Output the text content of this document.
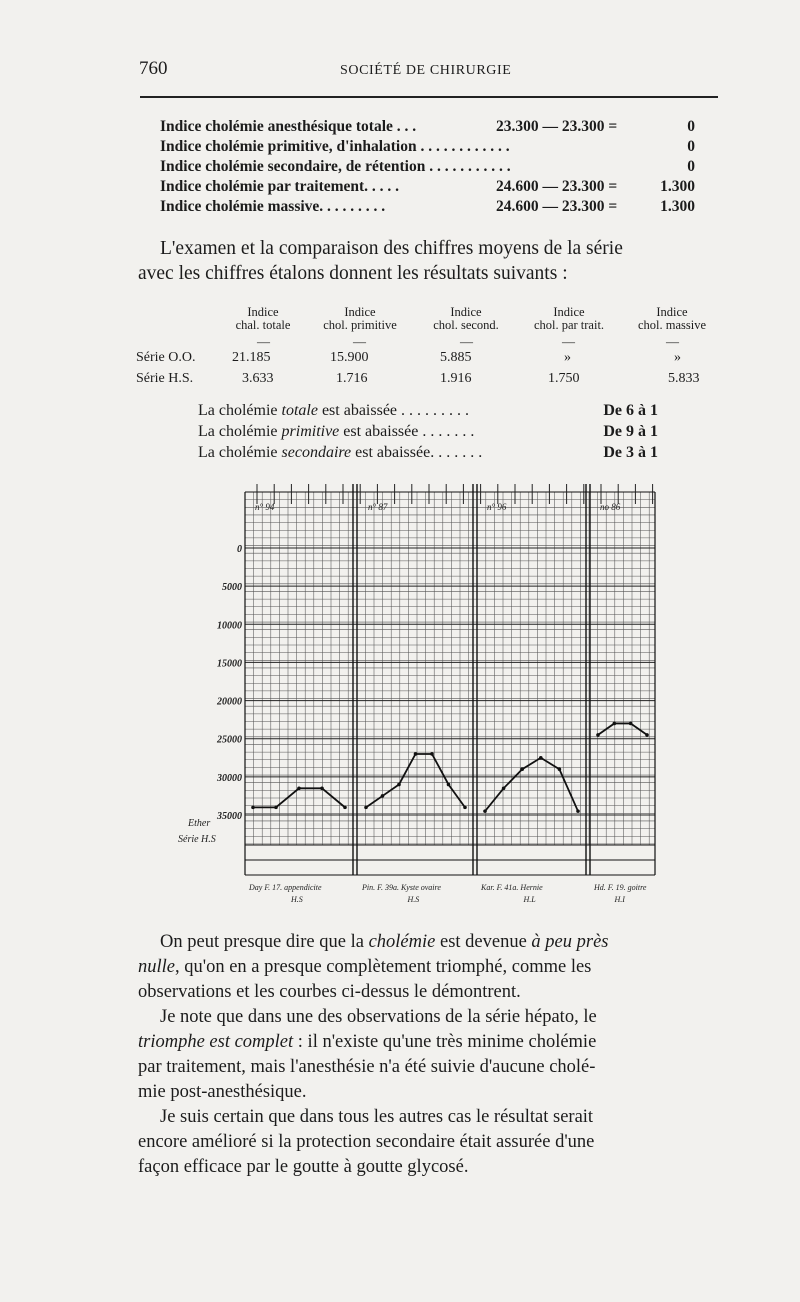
760	SOCIÉTÉ DE CHIRURGIE
Indice cholémie anesthésique totale . . .	23.300 — 23.300 =	0
Indice cholémie primitive, d'inhalation . . . . . . . . . . . .	0
Indice cholémie secondaire, de rétention . . . . . . . . . . .	0
Indice cholémie par traitement. . . . .	24.600 — 23.300 =	1.300
Indice cholémie massive. . . . . . . . .	24.600 — 23.300 =	1.300
L'examen et la comparaison des chiffres moyens de la série
avec les chiffres étalons donnent les résultats suivants :
Indice
chal. totale
Indice
chol. primitive
Indice
chol. second.
Indice
chol. par trait.
Indice
chol. massive
—	—	—	—	—
Série O.O.	21.185	15.900	5.885	»	»
Série H.S.	3.633	1.716	1.916	1.750	5.833
La cholémie totale est abaissée . . . . . . . . .	De 6 à 1
La cholémie primitive est abaissée . . . . . . .	De 9 à 1
La cholémie secondaire est abaissée. . . . . . .	De 3 à 1
0
5000
10000
15000
20000
25000
30000
35000
n° 94	n° 87	n° 96	no 86
Ether
Série H.S
Day F. 17. appendicite
H.S
Pin. F. 39a. Kyste ovaire
H.S
Kar. F. 41a. Hernie
H.L
Hd. F. 19. goitre
H.I
On peut presque dire que la cholémie est devenue à peu près
nulle, qu'on en a presque complètement triomphé, comme les
observations et les courbes ci-dessus le démontrent.
Je note que dans une des observations de la série hépato, le
triomphe est complet : il n'existe qu'une très minime cholémie
par traitement, mais l'anesthésie n'a été suivie d'aucune cholé-
mie post-anesthésique.
Je suis certain que dans tous les autres cas le résultat serait
encore amélioré si la protection secondaire était assurée d'une
façon efficace par le goutte à goutte glycosé.
